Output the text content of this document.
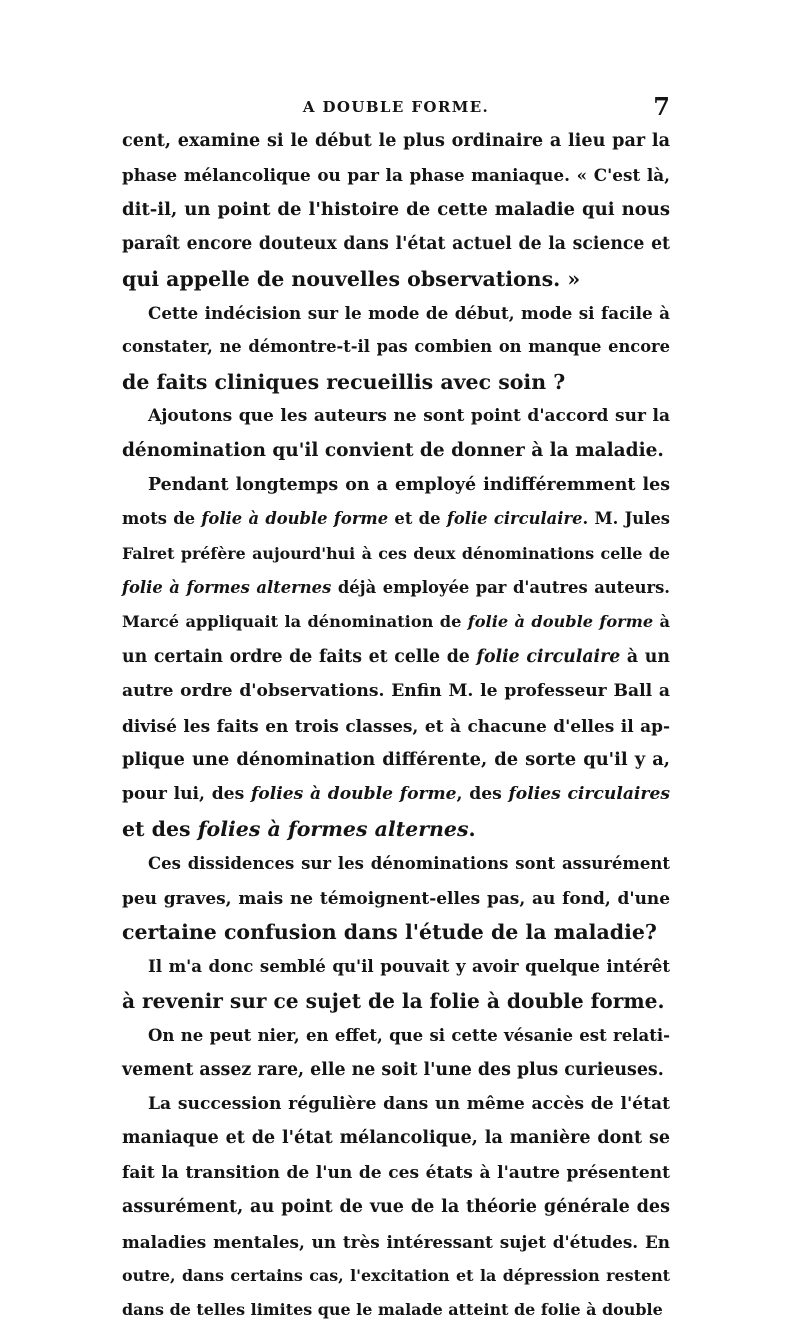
A DOUBLE FORME.	7
cent, examine si le début le plus ordinaire a lieu par la
phase mélancolique ou par la phase maniaque. « C'est là,
dit-il, un point de l'histoire de cette maladie qui nous
paraît encore douteux dans l'état actuel de la science et
qui appelle de nouvelles observations. »
Cette indécision sur le mode de début, mode si facile à
constater, ne démontre-t-il pas combien on manque encore
de faits cliniques recueillis avec soin ?
Ajoutons que les auteurs ne sont point d'accord sur la
dénomination qu'il convient de donner à la maladie.
Pendant longtemps on a employé indifféremment les
mots de folie à double forme et de folie circulaire. M. Jules
Falret préfère aujourd'hui à ces deux dénominations celle de
folie à formes alternes déjà employée par d'autres auteurs.
Marcé appliquait la dénomination de folie à double forme à
un certain ordre de faits et celle de folie circulaire à un
autre ordre d'observations. Enfin M. le professeur Ball a
divisé les faits en trois classes, et à chacune d'elles il ap-
plique une dénomination différente, de sorte qu'il y a,
pour lui, des folies à double forme, des folies circulaires
et des folies à formes alternes.
Ces dissidences sur les dénominations sont assurément
peu graves, mais ne témoignent-elles pas, au fond, d'une
certaine confusion dans l'étude de la maladie?
Il m'a donc semblé qu'il pouvait y avoir quelque intérêt
à revenir sur ce sujet de la folie à double forme.
On ne peut nier, en effet, que si cette vésanie est relati-
vement assez rare, elle ne soit l'une des plus curieuses.
La succession régulière dans un même accès de l'état
maniaque et de l'état mélancolique, la manière dont se
fait la transition de l'un de ces états à l'autre présentent
assurément, au point de vue de la théorie générale des
maladies mentales, un très intéressant sujet d'études. En
outre, dans certains cas, l'excitation et la dépression restent
dans de telles limites que le malade atteint de folie à double
